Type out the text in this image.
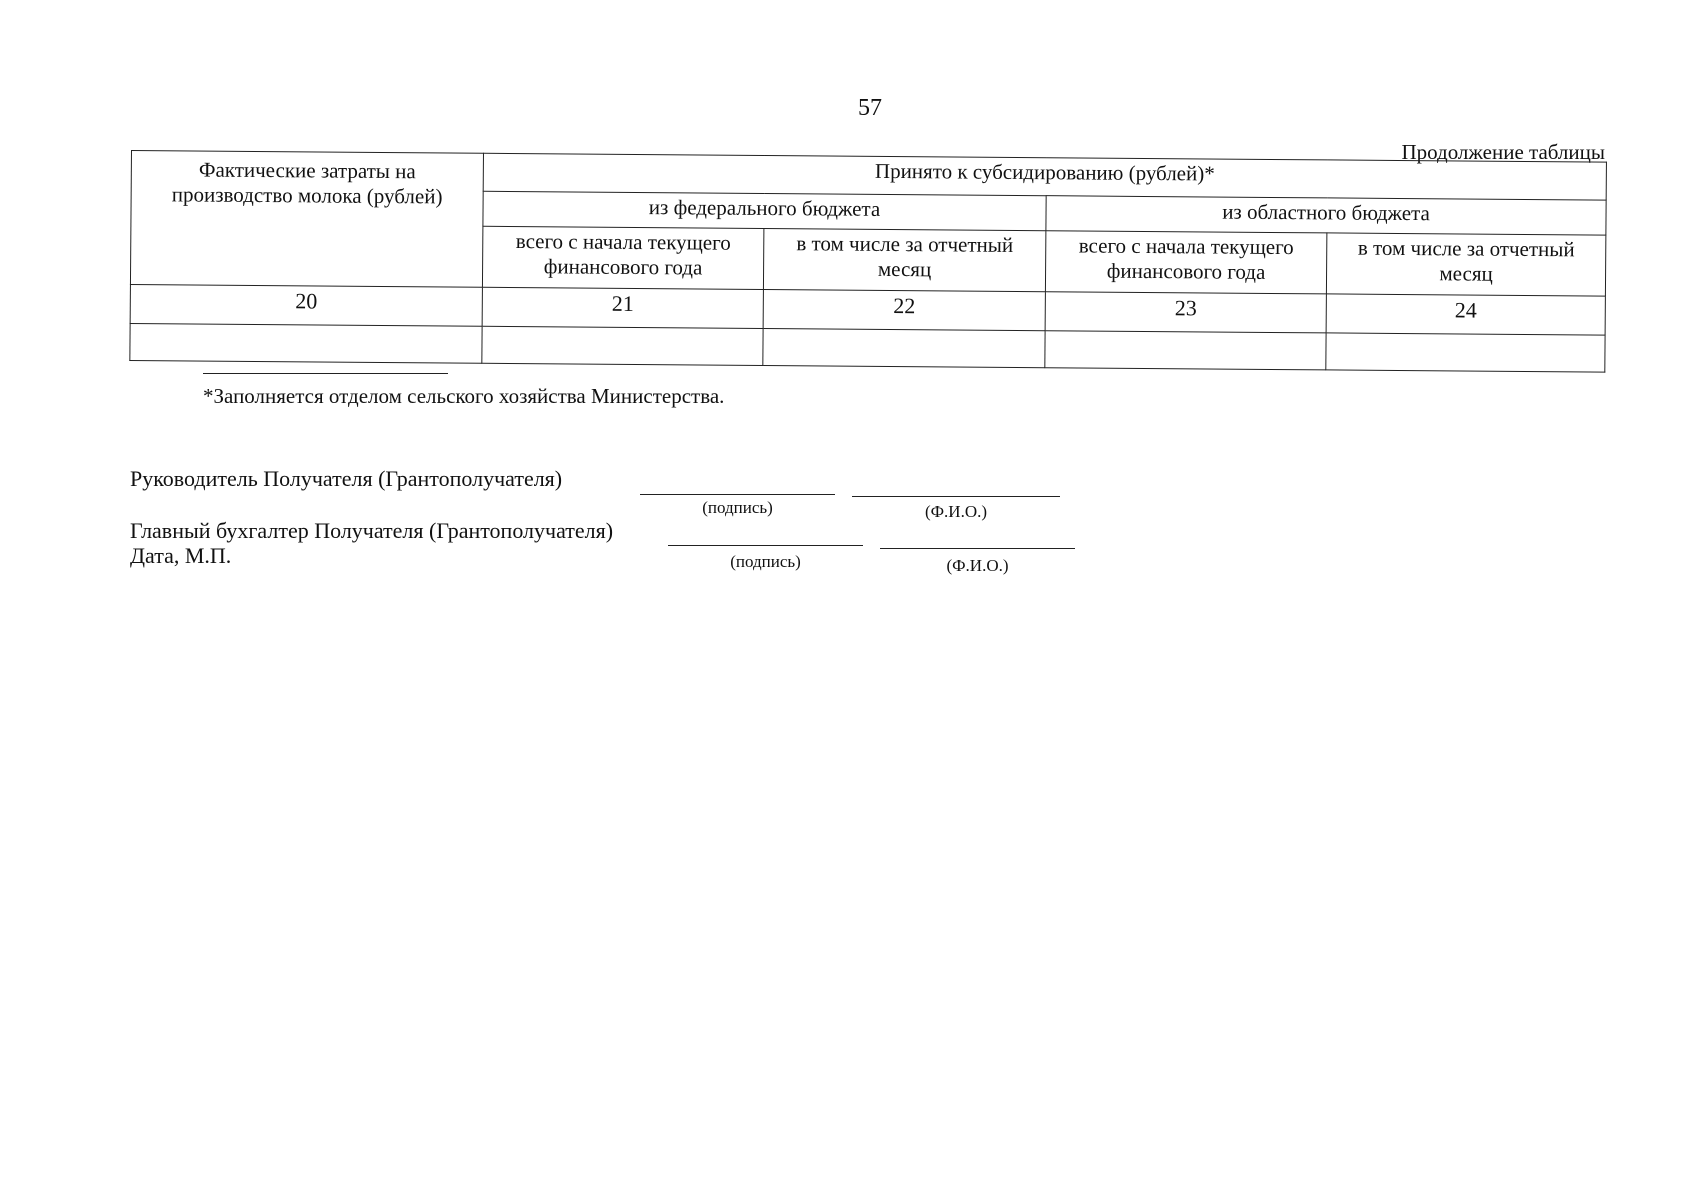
57
Продолжение таблицы
Фактические затраты на производство молока (рублей)	Принято к субсидированию (рублей)*			
	из федерального бюджета		из областного бюджета	
	всего с начала текущего финансового года	в том числе за отчетный месяц	всего с начала текущего финансового года	в том числе за отчетный месяц
20	21	22	23	24

*Заполняется отделом сельского хозяйства Министерства.
Руководитель Получателя (Грантополучателя)
(подпись)	(Ф.И.О.)
Главный бухгалтер Получателя (Грантополучателя)
Дата, М.П.	(подпись)	(Ф.И.О.)
